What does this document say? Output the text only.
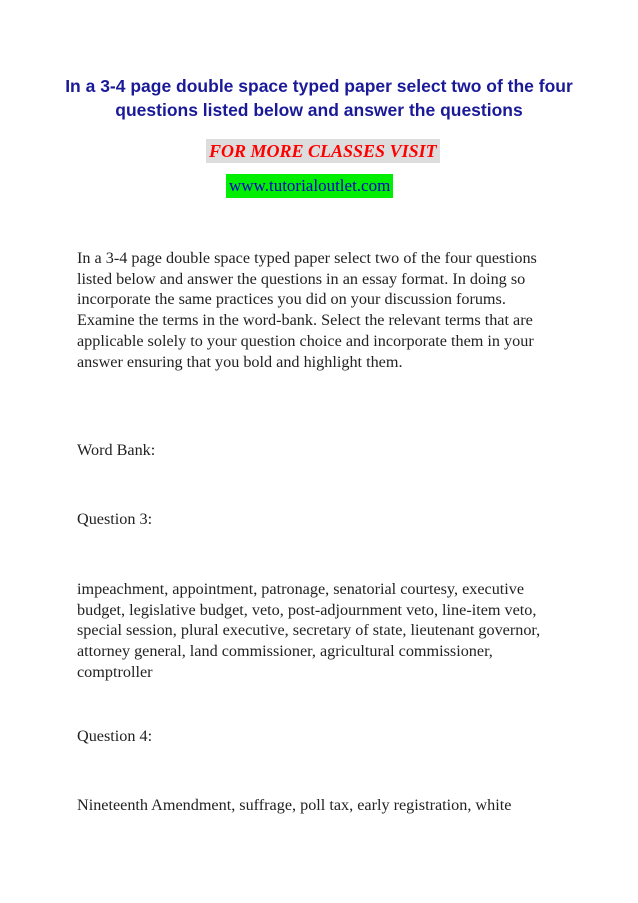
In a 3-4 page double space typed paper select two of the four questions listed below and answer the questions
FOR MORE CLASSES VISIT
www.tutorialoutlet.com

In a 3-4 page double space typed paper select two of the four questions listed below and answer the questions in an essay format. In doing so incorporate the same practices you did on your discussion forums. Examine the terms in the word-bank. Select the relevant terms that are applicable solely to your question choice and incorporate them in your answer ensuring that you bold and highlight them.

Word Bank:

Question 3:

impeachment, appointment, patronage, senatorial courtesy, executive budget, legislative budget, veto, post-adjournment veto, line-item veto, special session, plural executive, secretary of state, lieutenant governor, attorney general, land commissioner, agricultural commissioner, comptroller

Question 4:

Nineteenth Amendment, suffrage, poll tax, early registration, white
